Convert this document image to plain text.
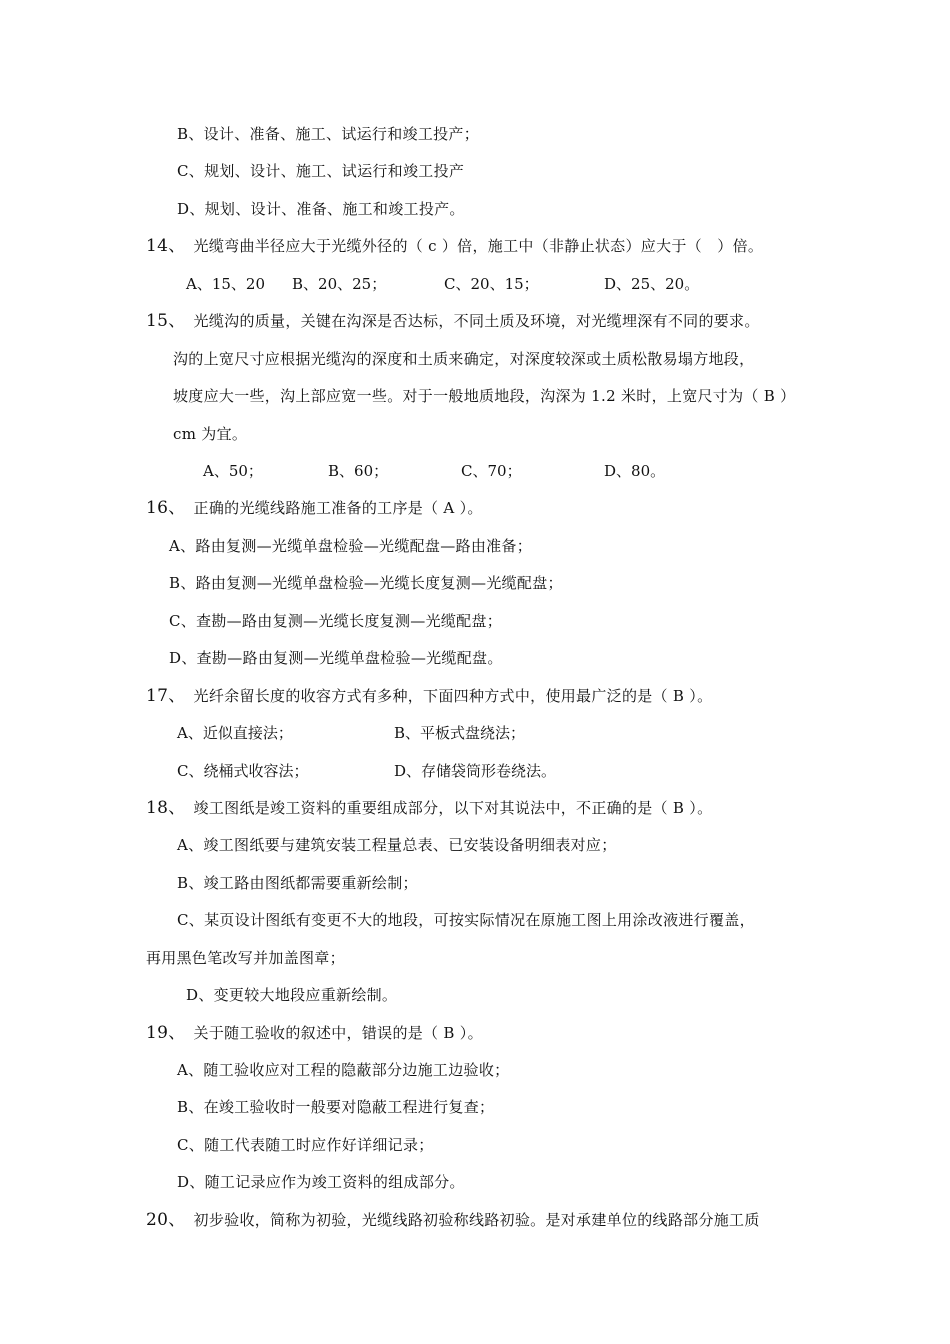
B、设计、准备、施工、试运行和竣工投产；
C、规划、设计、施工、试运行和竣工投产
D、规划、设计、准备、施工和竣工投产。
14、 光缆弯曲半径应大于光缆外径的（ c ）倍，施工中（非静止状态）应大于（　）倍。
A、15、20 B、20、25；	C、20、15；	D、25、20。
15、 光缆沟的质量，关键在沟深是否达标，不同土质及环境，对光缆埋深有不同的要求。
沟的上宽尺寸应根据光缆沟的深度和土质来确定，对深度较深或土质松散易塌方地段，
坡度应大一些，沟上部应宽一些。对于一般地质地段，沟深为 1.2 米时，上宽尺寸为（ B ）
cm 为宜。
A、50；	B、60；	C、70；	D、80。
16、 正确的光缆线路施工准备的工序是（ A ）。
A、路由复测—光缆单盘检验—光缆配盘—路由准备；
B、路由复测—光缆单盘检验—光缆长度复测—光缆配盘；
C、查勘—路由复测—光缆长度复测—光缆配盘；
D、查勘—路由复测—光缆单盘检验—光缆配盘。
17、 光纤余留长度的收容方式有多种，下面四种方式中，使用最广泛的是（ B ）。
A、近似直接法；	B、平板式盘绕法；
C、绕桶式收容法；	D、存储袋筒形卷绕法。
18、 竣工图纸是竣工资料的重要组成部分，以下对其说法中，不正确的是（ B ）。
A、竣工图纸要与建筑安装工程量总表、已安装设备明细表对应；
B、竣工路由图纸都需要重新绘制；
C、某页设计图纸有变更不大的地段，可按实际情况在原施工图上用涂改液进行覆盖，
再用黑色笔改写并加盖图章；
D、变更较大地段应重新绘制。
19、 关于随工验收的叙述中，错误的是（ B ）。
A、随工验收应对工程的隐蔽部分边施工边验收；
B、在竣工验收时一般要对隐蔽工程进行复查；
C、随工代表随工时应作好详细记录；
D、随工记录应作为竣工资料的组成部分。
20、 初步验收，简称为初验，光缆线路初验称线路初验。是对承建单位的线路部分施工质
